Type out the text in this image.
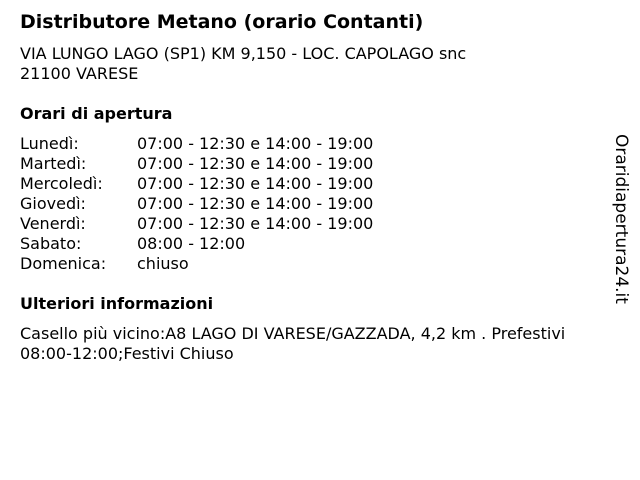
Distributore Metano (orario Contanti)
VIA LUNGO LAGO (SP1) KM 9,150 - LOC. CAPOLAGO snc
21100 VARESE
Orari di apertura
Lunedì:	07:00 - 12:30 e 14:00 - 19:00
Martedì:	07:00 - 12:30 e 14:00 - 19:00
Mercoledì: 07:00 - 12:30 e 14:00 - 19:00
Giovedì:	07:00 - 12:30 e 14:00 - 19:00
Venerdì:	07:00 - 12:30 e 14:00 - 19:00
Sabato:	08:00 - 12:00
Domenica: chiuso
Ulteriori informazioni
Casello più vicino:A8 LAGO DI VARESE/GAZZADA, 4,2 km . Prefestivi
08:00-12:00;Festivi Chiuso
Oraridiapertura24.it
